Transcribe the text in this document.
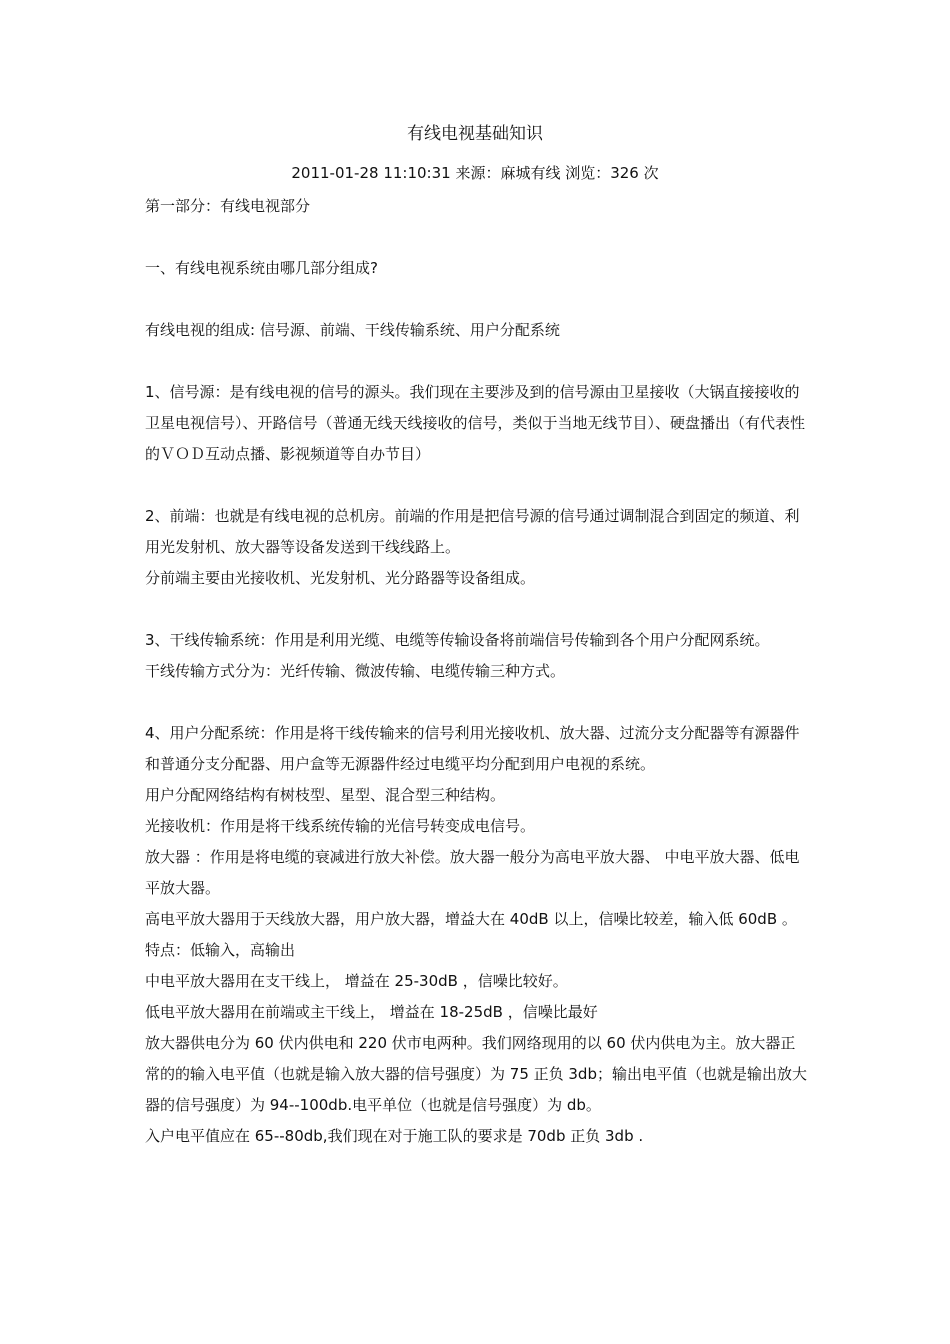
有线电视基础知识
2011-01-28 11:10:31 来源：麻城有线 浏览：326 次

第一部分：有线电视部分

一、有线电视系统由哪几部分组成?

有线电视的组成: 信号源、前端、干线传输系统、用户分配系统

1、信号源：是有线电视的信号的源头。我们现在主要涉及到的信号源由卫星接收（大锅直接接收的卫星电视信号）、开路信号（普通无线天线接收的信号，类似于当地无线节目）、硬盘播出（有代表性的ＶＯＤ互动点播、影视频道等自办节目）

2、前端：也就是有线电视的总机房。前端的作用是把信号源的信号通过调制混合到固定的频道、利用光发射机、放大器等设备发送到干线线路上。

分前端主要由光接收机、光发射机、光分路器等设备组成。

3、干线传输系统：作用是利用光缆、电缆等传输设备将前端信号传输到各个用户分配网系统。

干线传输方式分为：光纤传输、微波传输、电缆传输三种方式。

4、用户分配系统：作用是将干线传输来的信号利用光接收机、放大器、过流分支分配器等有源器件和普通分支分配器、用户盒等无源器件经过电缆平均分配到用户电视的系统。

用户分配网络结构有树枝型、星型、混合型三种结构。

光接收机：作用是将干线系统传输的光信号转变成电信号。

放大器 ：作用是将电缆的衰减进行放大补偿。放大器一般分为高电平放大器、 中电平放大器、低电平放大器。

高电平放大器用于天线放大器，用户放大器，增益大在 40dB 以上，信噪比较差，输入低 60dB 。

特点：低输入，高输出

中电平放大器用在支干线上， 增益在 25-30dB ，信噪比较好。

低电平放大器用在前端或主干线上， 增益在 18-25dB ，信噪比最好

放大器供电分为 60 伏内供电和 220 伏市电两种。我们网络现用的以 60 伏内供电为主。放大器正常的的输入电平值（也就是输入放大器的信号强度）为 75 正负 3db；输出电平值（也就是输出放大器的信号强度）为 94--100db.电平单位（也就是信号强度）为 db。

入户电平值应在 65--80db,我们现在对于施工队的要求是 70db 正负 3db .
